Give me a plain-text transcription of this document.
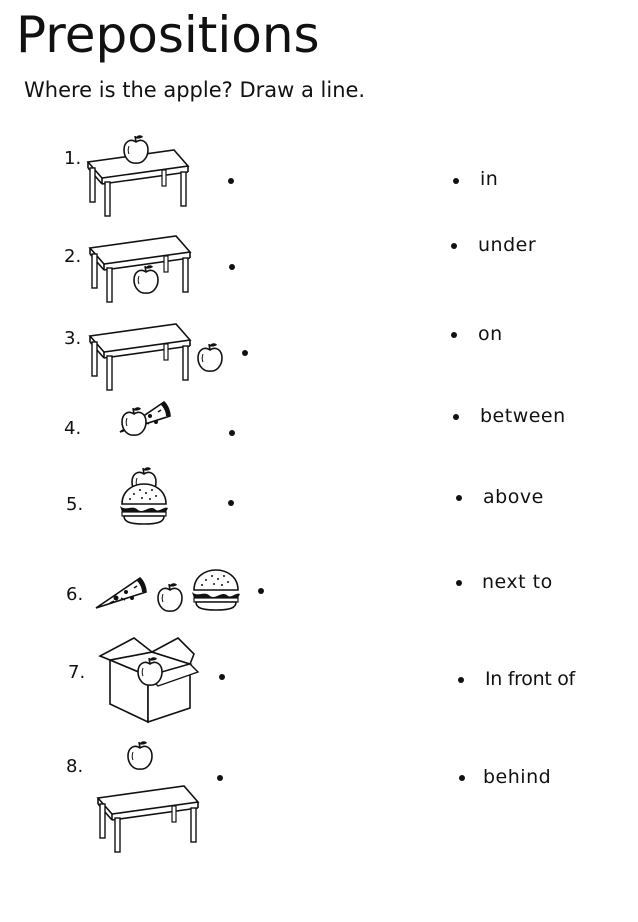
Prepositions

Where is the apple? Draw a line.

1.
2.
3.
4.
5.
6.
7.
8.
in
under
on
between
above
next to
In front of
behind
